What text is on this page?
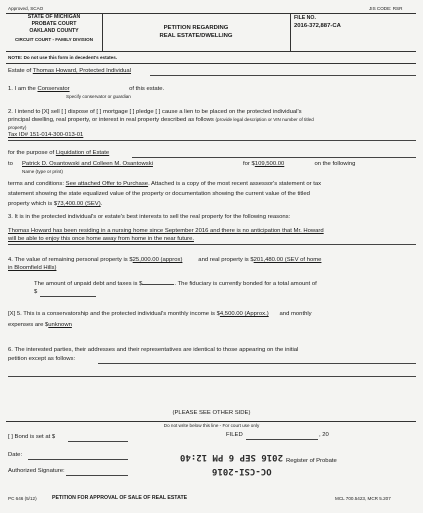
Approved, SCAO	JIS CODE: RSR
STATE OF MICHIGAN
PROBATE COURT
OAKLAND COUNTY
CIRCUIT COURT - FAMILY DIVISION
PETITION REGARDING
REAL ESTATE/DWELLING
FILE NO.
2016-372,887-CA
NOTE: Do not use this form in decedent's estates.
Estate of Thomas Howard, Protected Individual
1. I am the Conservator	of this estate.
Specify conservator or guardian
2. I intend to [X] sell [ ] dispose of [ ] mortgage [ ] pledge [ ] cause a lien to be placed on the protected individual's
principal dwelling, real property, or interest in real property described as follows (provide legal description or VIN number of titled
property)
Tax ID# 151-014-300-013-01
for the purpose of Liquidation of Estate
to Patrick D. Osantowski and Colleen M. Osantowski	for $109,500.00	on the following
Name (type or print)
terms and conditions: See attached Offer to Purchase. Attached is a copy of the most recent assessor's statement or tax
statement showing the state equalized value of the property or documentation showing the current value of the titled
property which is $73,400.00 (SEV).
3. It is in the protected individual's or estate's best interests to sell the real property for the following reasons:
Thomas Howard has been residing in a nursing home since September 2016 and there is no anticipation that Mr. Howard
will be able to enjoy this once home away from home in the near future.
4. The value of remaining personal property is $25,000.00 (approx)	and real property is $201,480.00 (SEV of home
in Bloomfield Hills)
The amount of unpaid debt and taxes is $	. The fiduciary is currently bonded for a total amount of
$
[X] 5. This is a conservatorship and the protected individual's monthly income is $4,500.00 (Approx.) and monthly
expenses are $unknown
6. The interested parties, their addresses and their representatives are identical to those appearing on the initial
petition except as follows:
(PLEASE SEE OTHER SIDE)
Do not write below this line - For court use only
[ ] Bond is set at $	FILED	, 20
Date:
Register of Probate
Authorized Signature:
2016 SEP 6 PM 12:40
OC-CSI-2016
PC 646 (5/12)	PETITION FOR APPROVAL OF SALE OF REAL ESTATE	MCL 700.5423, MCR 5.207
